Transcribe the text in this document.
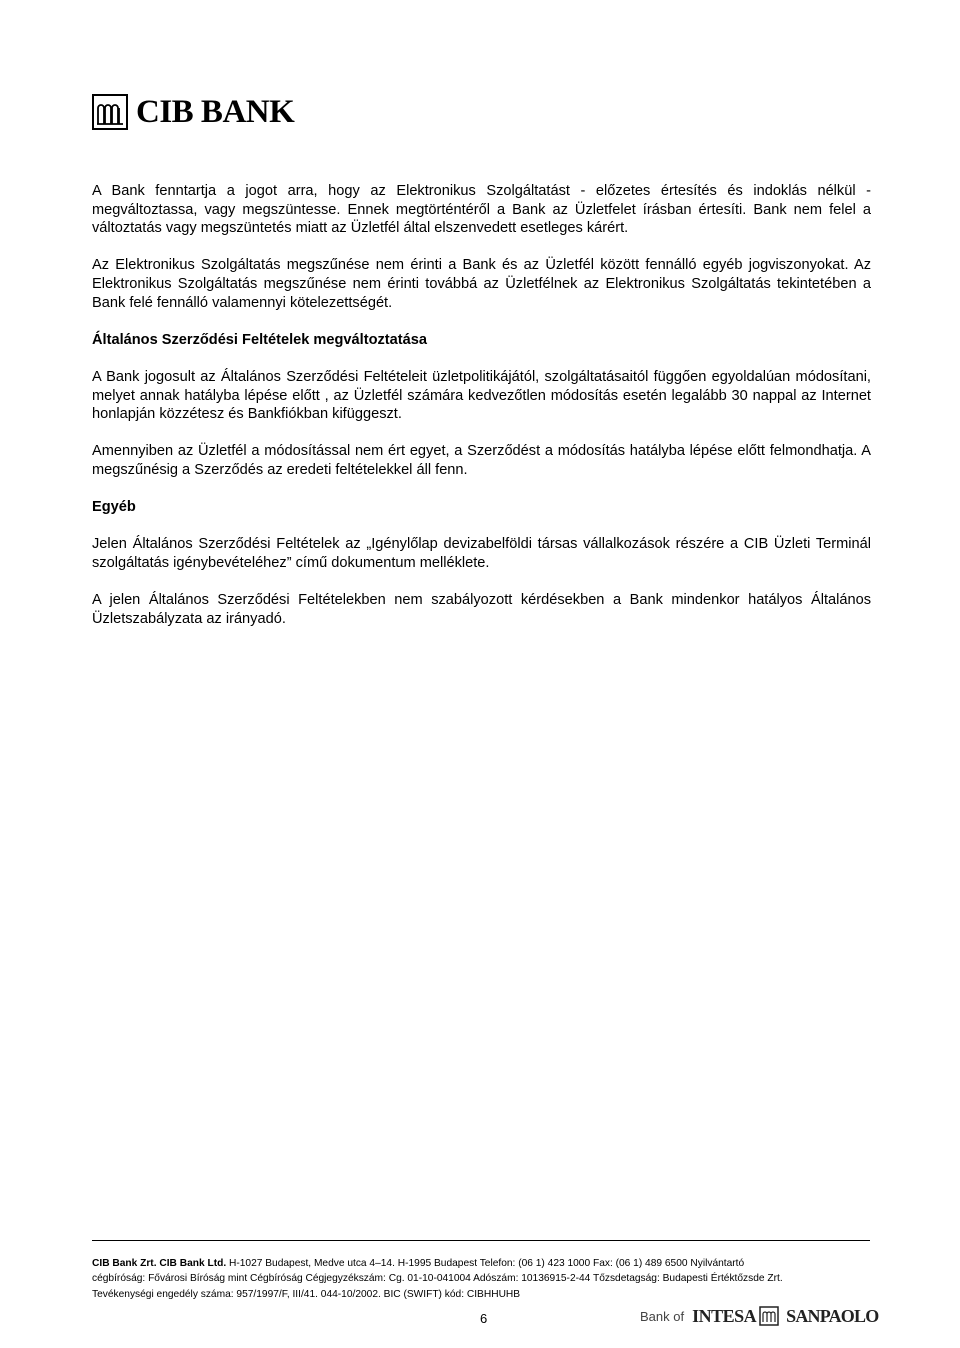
CIB BANK

A Bank fenntartja a jogot arra, hogy az Elektronikus Szolgáltatást - előzetes értesítés és indoklás nélkül - megváltoztassa, vagy megszüntesse. Ennek megtörténtéről a Bank az Üzletfelet írásban értesíti. Bank nem felel a változtatás vagy megszüntetés miatt az Üzletfél által elszenvedett esetleges kárért.

Az Elektronikus Szolgáltatás megszűnése nem érinti a Bank és az Üzletfél között fennálló egyéb jogviszonyokat. Az Elektronikus Szolgáltatás megszűnése nem érinti továbbá az Üzletfélnek az Elektronikus Szolgáltatás tekintetében a Bank felé fennálló valamennyi kötelezettségét.

Általános Szerződési Feltételek megváltoztatása

A Bank jogosult az Általános Szerződési Feltételeit üzletpolitikájától, szolgáltatásaitól függően egyoldalúan módosítani, melyet annak hatályba lépése előtt , az Üzletfél számára kedvezőtlen módosítás esetén legalább 30 nappal az Internet honlapján közzétesz és Bankfiókban kifüggeszt.

Amennyiben az Üzletfél a módosítással nem ért egyet, a Szerződést a módosítás hatályba lépése előtt felmondhatja. A megszűnésig a Szerződés az eredeti feltételekkel áll fenn.

Egyéb

Jelen Általános Szerződési Feltételek az „Igénylőlap devizabelföldi társas vállalkozások részére a CIB Üzleti Terminál szolgáltatás igénybevételéhez” című dokumentum melléklete.

A jelen Általános Szerződési Feltételekben nem szabályozott kérdésekben a Bank mindenkor hatályos Általános Üzletszabályzata az irányadó.

CIB Bank Zrt. CIB Bank Ltd. H-1027 Budapest, Medve utca 4–14. H-1995 Budapest Telefon: (06 1) 423 1000 Fax: (06 1) 489 6500 Nyilvántartó
cégbíróság: Fővárosi Bíróság mint Cégbíróság Cégjegyzékszám: Cg. 01-10-041004 Adószám: 10136915-2-44 Tőzsdetagság: Budapesti Értéktőzsde Zrt.
Tevékenységi engedély száma: 957/1997/F, III/41. 044-10/2002. BIC (SWIFT) kód: CIBHHUHB
6	Bank of INTESA SANPAOLO
